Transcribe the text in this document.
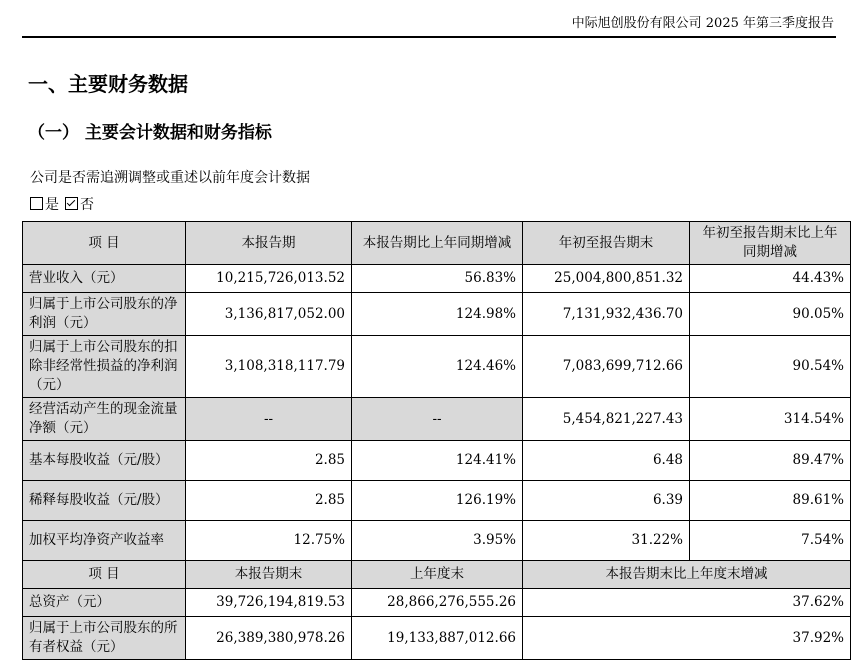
中际旭创股份有限公司 2025 年第三季度报告
一、主要财务数据
（一） 主要会计数据和财务指标
公司是否需追溯调整或重述以前年度会计数据
是	否
项 目	本报告期	本报告期比上年同期增减	年初至报告期末	年初至报告期末比上年同期增减
营业收入（元）	10,215,726,013.52	56.83%	25,004,800,851.32	44.43%
归属于上市公司股东的净利润（元）	3,136,817,052.00	124.98%	7,131,932,436.70	90.05%
归属于上市公司股东的扣除非经常性损益的净利润（元）	3,108,318,117.79	124.46%	7,083,699,712.66	90.54%
经营活动产生的现金流量净额（元）	--	--	5,454,821,227.43	314.54%
基本每股收益（元/股）	2.85	124.41%	6.48	89.47%
稀释每股收益（元/股）	2.85	126.19%	6.39	89.61%
加权平均净资产收益率	12.75%	3.95%	31.22%	7.54%
项 目	本报告期末	上年度末	本报告期末比上年度末增减	
总资产（元）	39,726,194,819.53	28,866,276,555.26	37.62%	
归属于上市公司股东的所有者权益（元）	26,389,380,978.26	19,133,887,012.66	37.92%	
